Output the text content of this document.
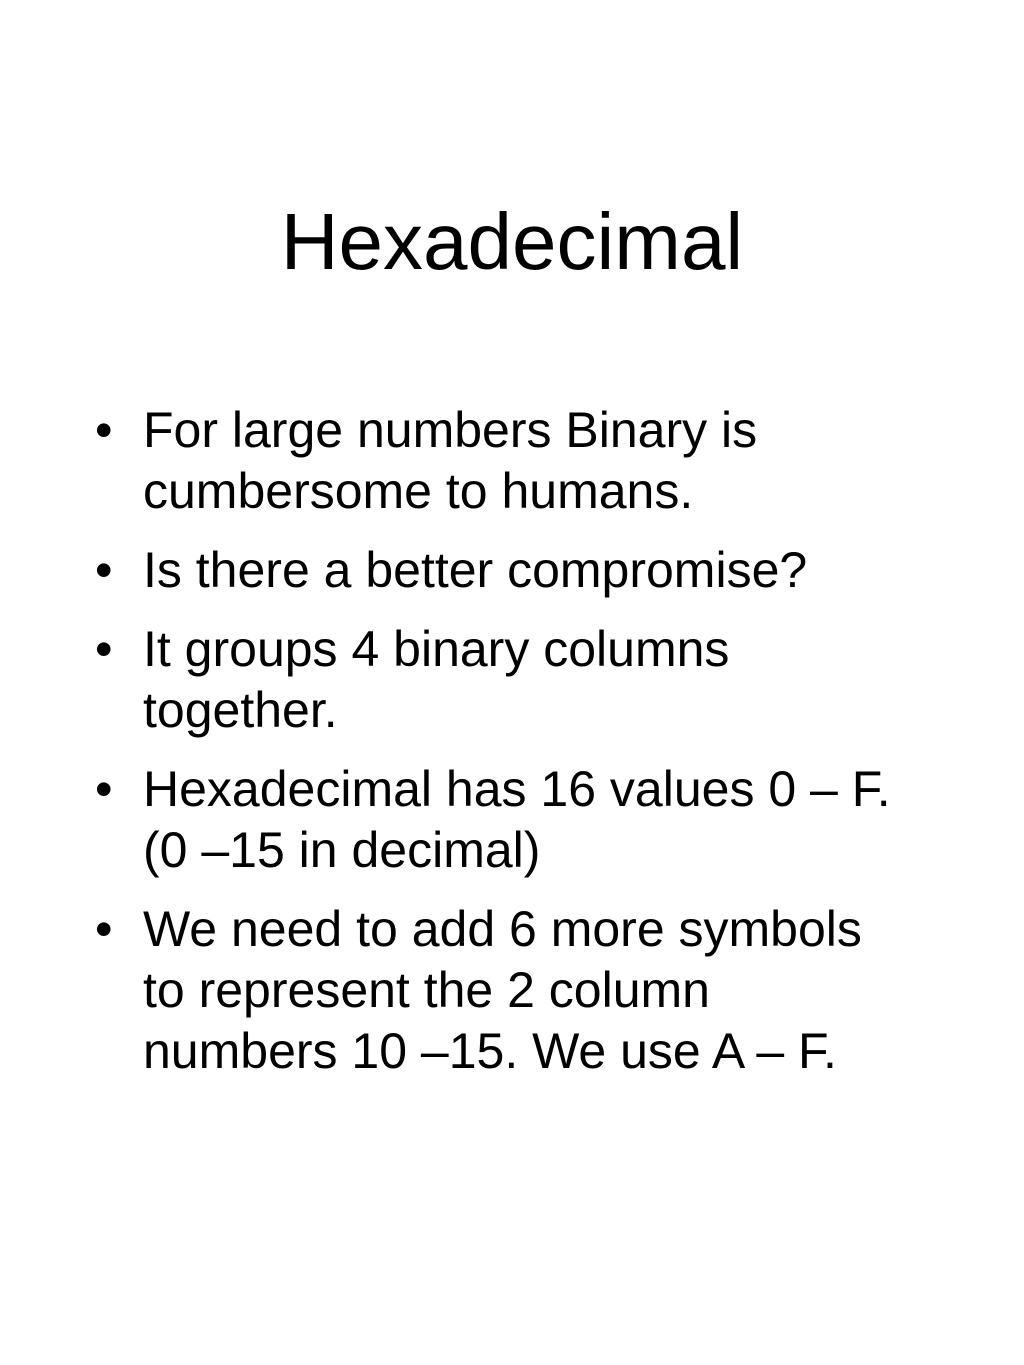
Hexadecimal
• For large numbers Binary is cumbersome to humans.
• Is there a better compromise?
• It groups 4 binary columns together.
• Hexadecimal has 16 values 0 – F.  (0 –15 in decimal)
• We need to add 6 more symbols to represent the 2 column numbers 10 –15. We use A – F.
